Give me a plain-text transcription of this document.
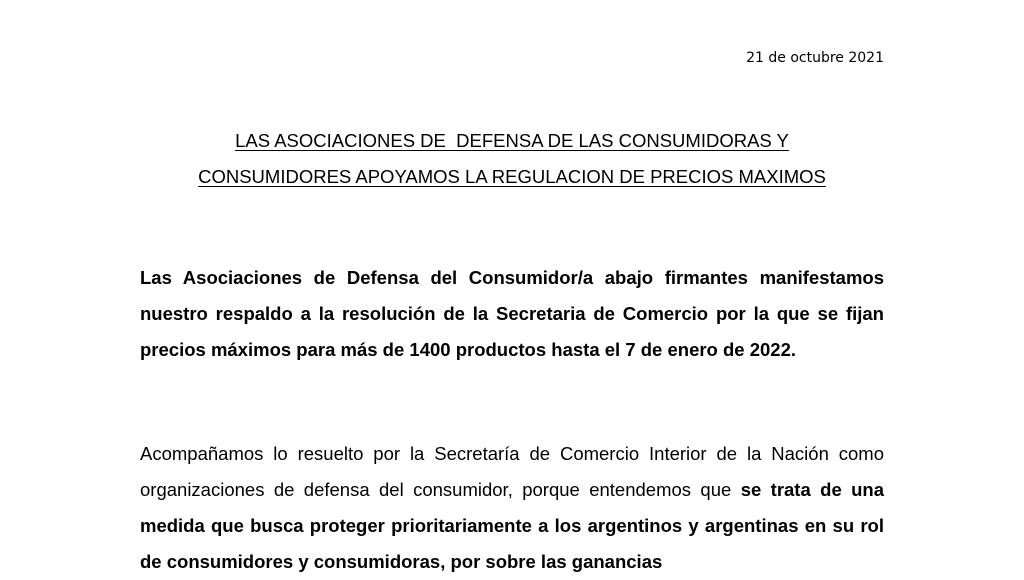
21 de octubre 2021
LAS ASOCIACIONES DE  DEFENSA DE LAS CONSUMIDORAS Y
CONSUMIDORES APOYAMOS LA REGULACION DE PRECIOS MAXIMOS

Las Asociaciones de Defensa del Consumidor/a abajo firmantes manifestamos nuestro respaldo a la resolución de la Secretaria de Comercio por la que se fijan precios máximos para más de 1400 productos hasta el 7 de enero de 2022.

Acompañamos lo resuelto por la Secretaría de Comercio Interior de la Nación como organizaciones de defensa del consumidor, porque entendemos que se trata de una medida que busca proteger prioritariamente a los argentinos y argentinas en su rol de consumidores y consumidoras, por sobre las ganancias
